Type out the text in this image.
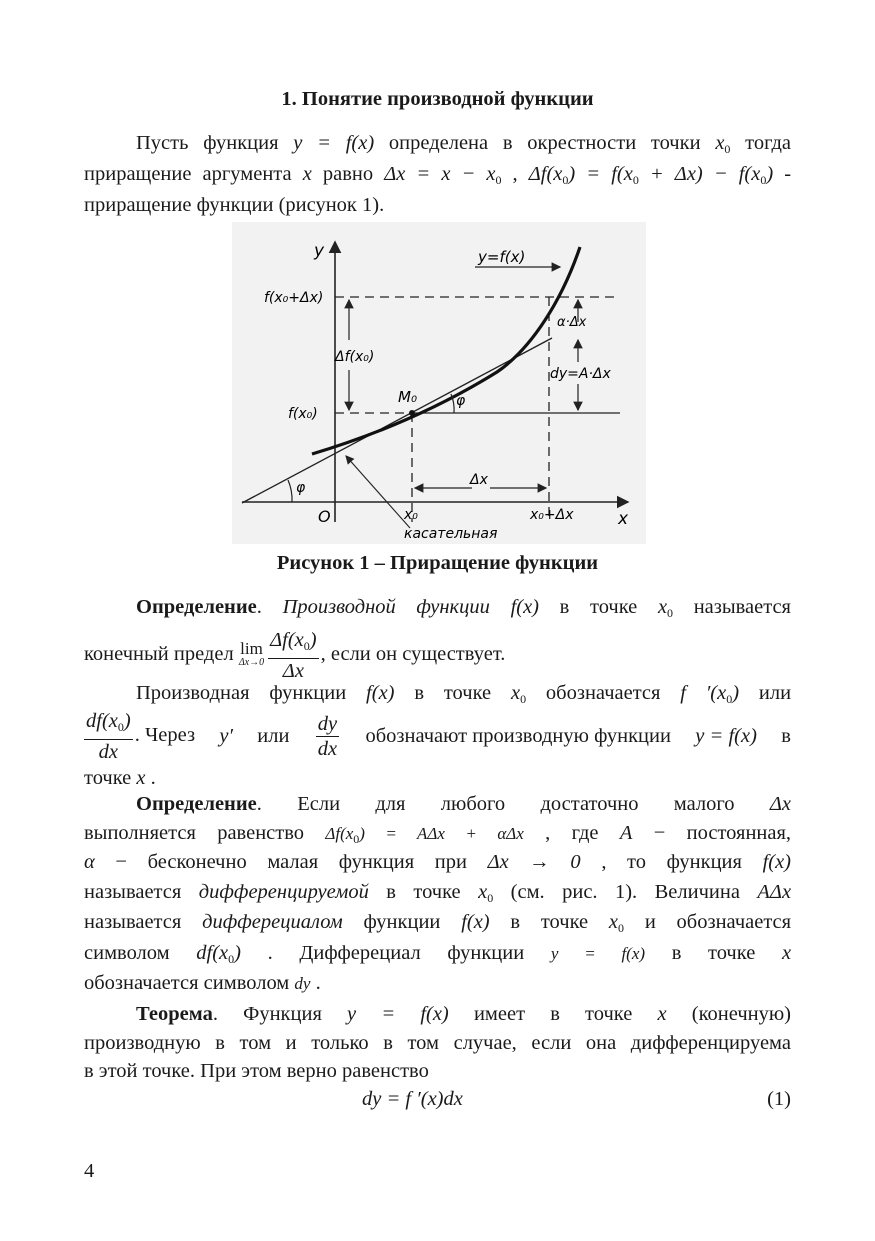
1. Понятие производной функции
Пусть функция y = f(x) определена в окрестности точки $x_0$ тогда
приращение аргумента x равно $\Delta x = x - x_0$ , $\Delta f(x_0) = f(x_0 + \Delta x) - f(x_0)$ -
приращение функции (рисунок 1).
y
x
O
y=f(x)
f(x₀+Δx)
f(x₀)
Δf(x₀)
M₀	φ
φ
α·Δx
dy=A·Δx
Δx
x₀	x₀+Δx
касательная
Рисунок 1 – Приращение функции
Определение. Производной функции f(x) в точке $x_0$ называется
конечный предел lim
$\Delta x\to 0 \frac{\Delta f(x_0)}{\Delta x}$ , если он существует.
Производная функции f(x) в точке $x_0$ обозначается f $'(x_0)$ или
$\frac{df(x_0)}{dx}$ . Через y′ или $\frac{dy}{dx}$ обозначают производную функции y = f(x) в
точке x .
Определение. Если для любого достаточно малого Δx
выполняется равенство $\Delta f(x_0) = A\Delta x + \alpha\Delta x$ , где A − постоянная,
α − бесконечно малая функция при Δx → 0 , то функция f(x)
называется дифференцируемой в точке $x_0$ (см. рис. 1). Величина AΔx
называется дифферециалом функции f(x) в точке $x_0$ и обозначается
символом $df(x_0)$ . Дифферециал функции y = f(x) в точке x
обозначается символом dy .
Теорема. Функция y = f(x) имеет в точке x (конечную)
производную в том и только в том случае, если она дифференцируема
в этой точке. При этом верно равенство
dy = f ′(x)dx	(1)
4
